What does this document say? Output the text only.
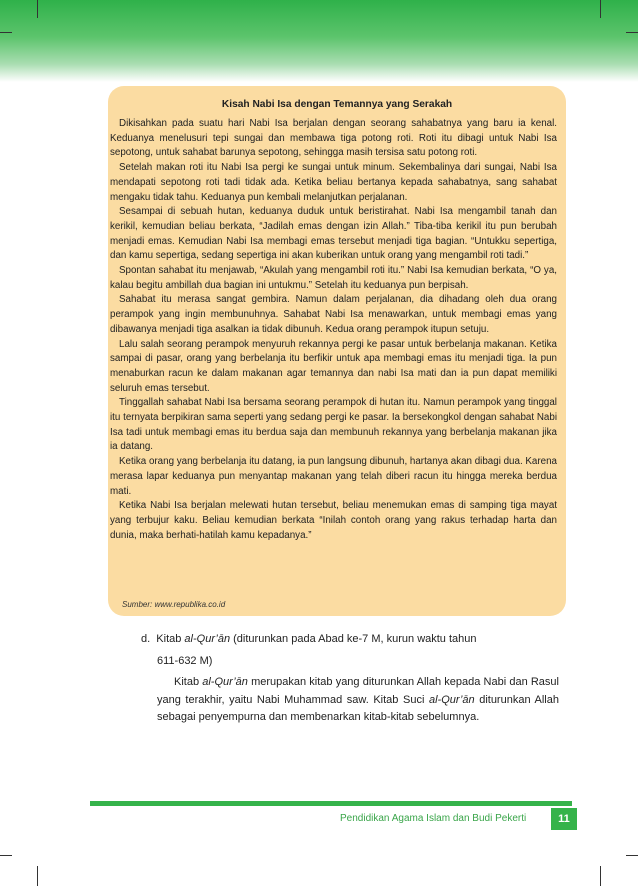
Kisah Nabi Isa dengan Temannya yang Serakah

Dikisahkan pada suatu hari Nabi Isa berjalan dengan seorang sahabatnya yang baru ia kenal. Keduanya menelusuri tepi sungai dan membawa tiga potong roti. Roti itu dibagi untuk Nabi Isa sepotong, untuk sahabat barunya sepotong, sehingga masih tersisa satu potong roti.

Setelah makan roti itu Nabi Isa pergi ke sungai untuk minum. Sekembalinya dari sungai, Nabi Isa mendapati sepotong roti tadi tidak ada. Ketika beliau bertanya kepada sahabatnya, sang sahabat mengaku tidak tahu. Keduanya pun kembali melanjutkan perjalanan.

Sesampai di sebuah hutan, keduanya duduk untuk beristirahat. Nabi Isa mengambil tanah dan kerikil, kemudian beliau berkata, “Jadilah emas dengan izin Allah.” Tiba-tiba kerikil itu pun berubah menjadi emas. Kemudian Nabi Isa membagi emas tersebut menjadi tiga bagian. “Untukku sepertiga, dan kamu sepertiga, sedang sepertiga ini akan kuberikan untuk orang yang mengambil roti tadi.”

Spontan sahabat itu menjawab, “Akulah yang mengambil roti itu.” Nabi Isa kemudian berkata, “O ya, kalau begitu ambillah dua bagian ini untukmu.” Setelah itu keduanya pun berpisah.

Sahabat itu merasa sangat gembira. Namun dalam perjalanan, dia dihadang oleh dua orang perampok yang ingin membunuhnya. Sahabat Nabi Isa menawarkan, untuk membagi emas yang dibawanya menjadi tiga asalkan ia tidak dibunuh. Kedua orang perampok itupun setuju.

Lalu salah seorang perampok menyuruh rekannya pergi ke pasar untuk berbelanja makanan. Ketika sampai di pasar, orang yang berbelanja itu berfikir untuk apa membagi emas itu menjadi tiga. Ia pun menaburkan racun ke dalam makanan agar temannya dan nabi Isa mati dan ia pun dapat memiliki seluruh emas tersebut.

Tinggallah sahabat Nabi Isa bersama seorang perampok di hutan itu. Namun perampok yang tinggal itu ternyata berpikiran sama seperti yang sedang pergi ke pasar. Ia bersekongkol dengan sahabat Nabi Isa tadi untuk membagi emas itu berdua saja dan membunuh rekannya yang berbelanja makanan jika ia datang.

Ketika orang yang berbelanja itu datang, ia pun langsung dibunuh, hartanya akan dibagi dua. Karena merasa lapar keduanya pun menyantap makanan yang telah diberi racun itu hingga mereka berdua mati.

Ketika Nabi Isa berjalan melewati hutan tersebut, beliau menemukan emas di samping tiga mayat yang terbujur kaku. Beliau kemudian berkata “Inilah contoh orang yang rakus terhadap harta dan dunia, maka berhati-hatilah kamu kepadanya.”

Sumber: www.republika.co.id
d.  Kitab al-Qur’ān (diturunkan pada Abad ke-7 M, kurun waktu tahun
611-632 M)

Kitab al-Qur’ān merupakan kitab yang diturunkan Allah kepada Nabi dan Rasul yang terakhir, yaitu Nabi Muhammad saw. Kitab Suci al-Qur’ān diturunkan Allah sebagai penyempurna dan membenarkan kitab-kitab sebelumnya.

Pendidikan Agama Islam dan Budi Pekerti	11
